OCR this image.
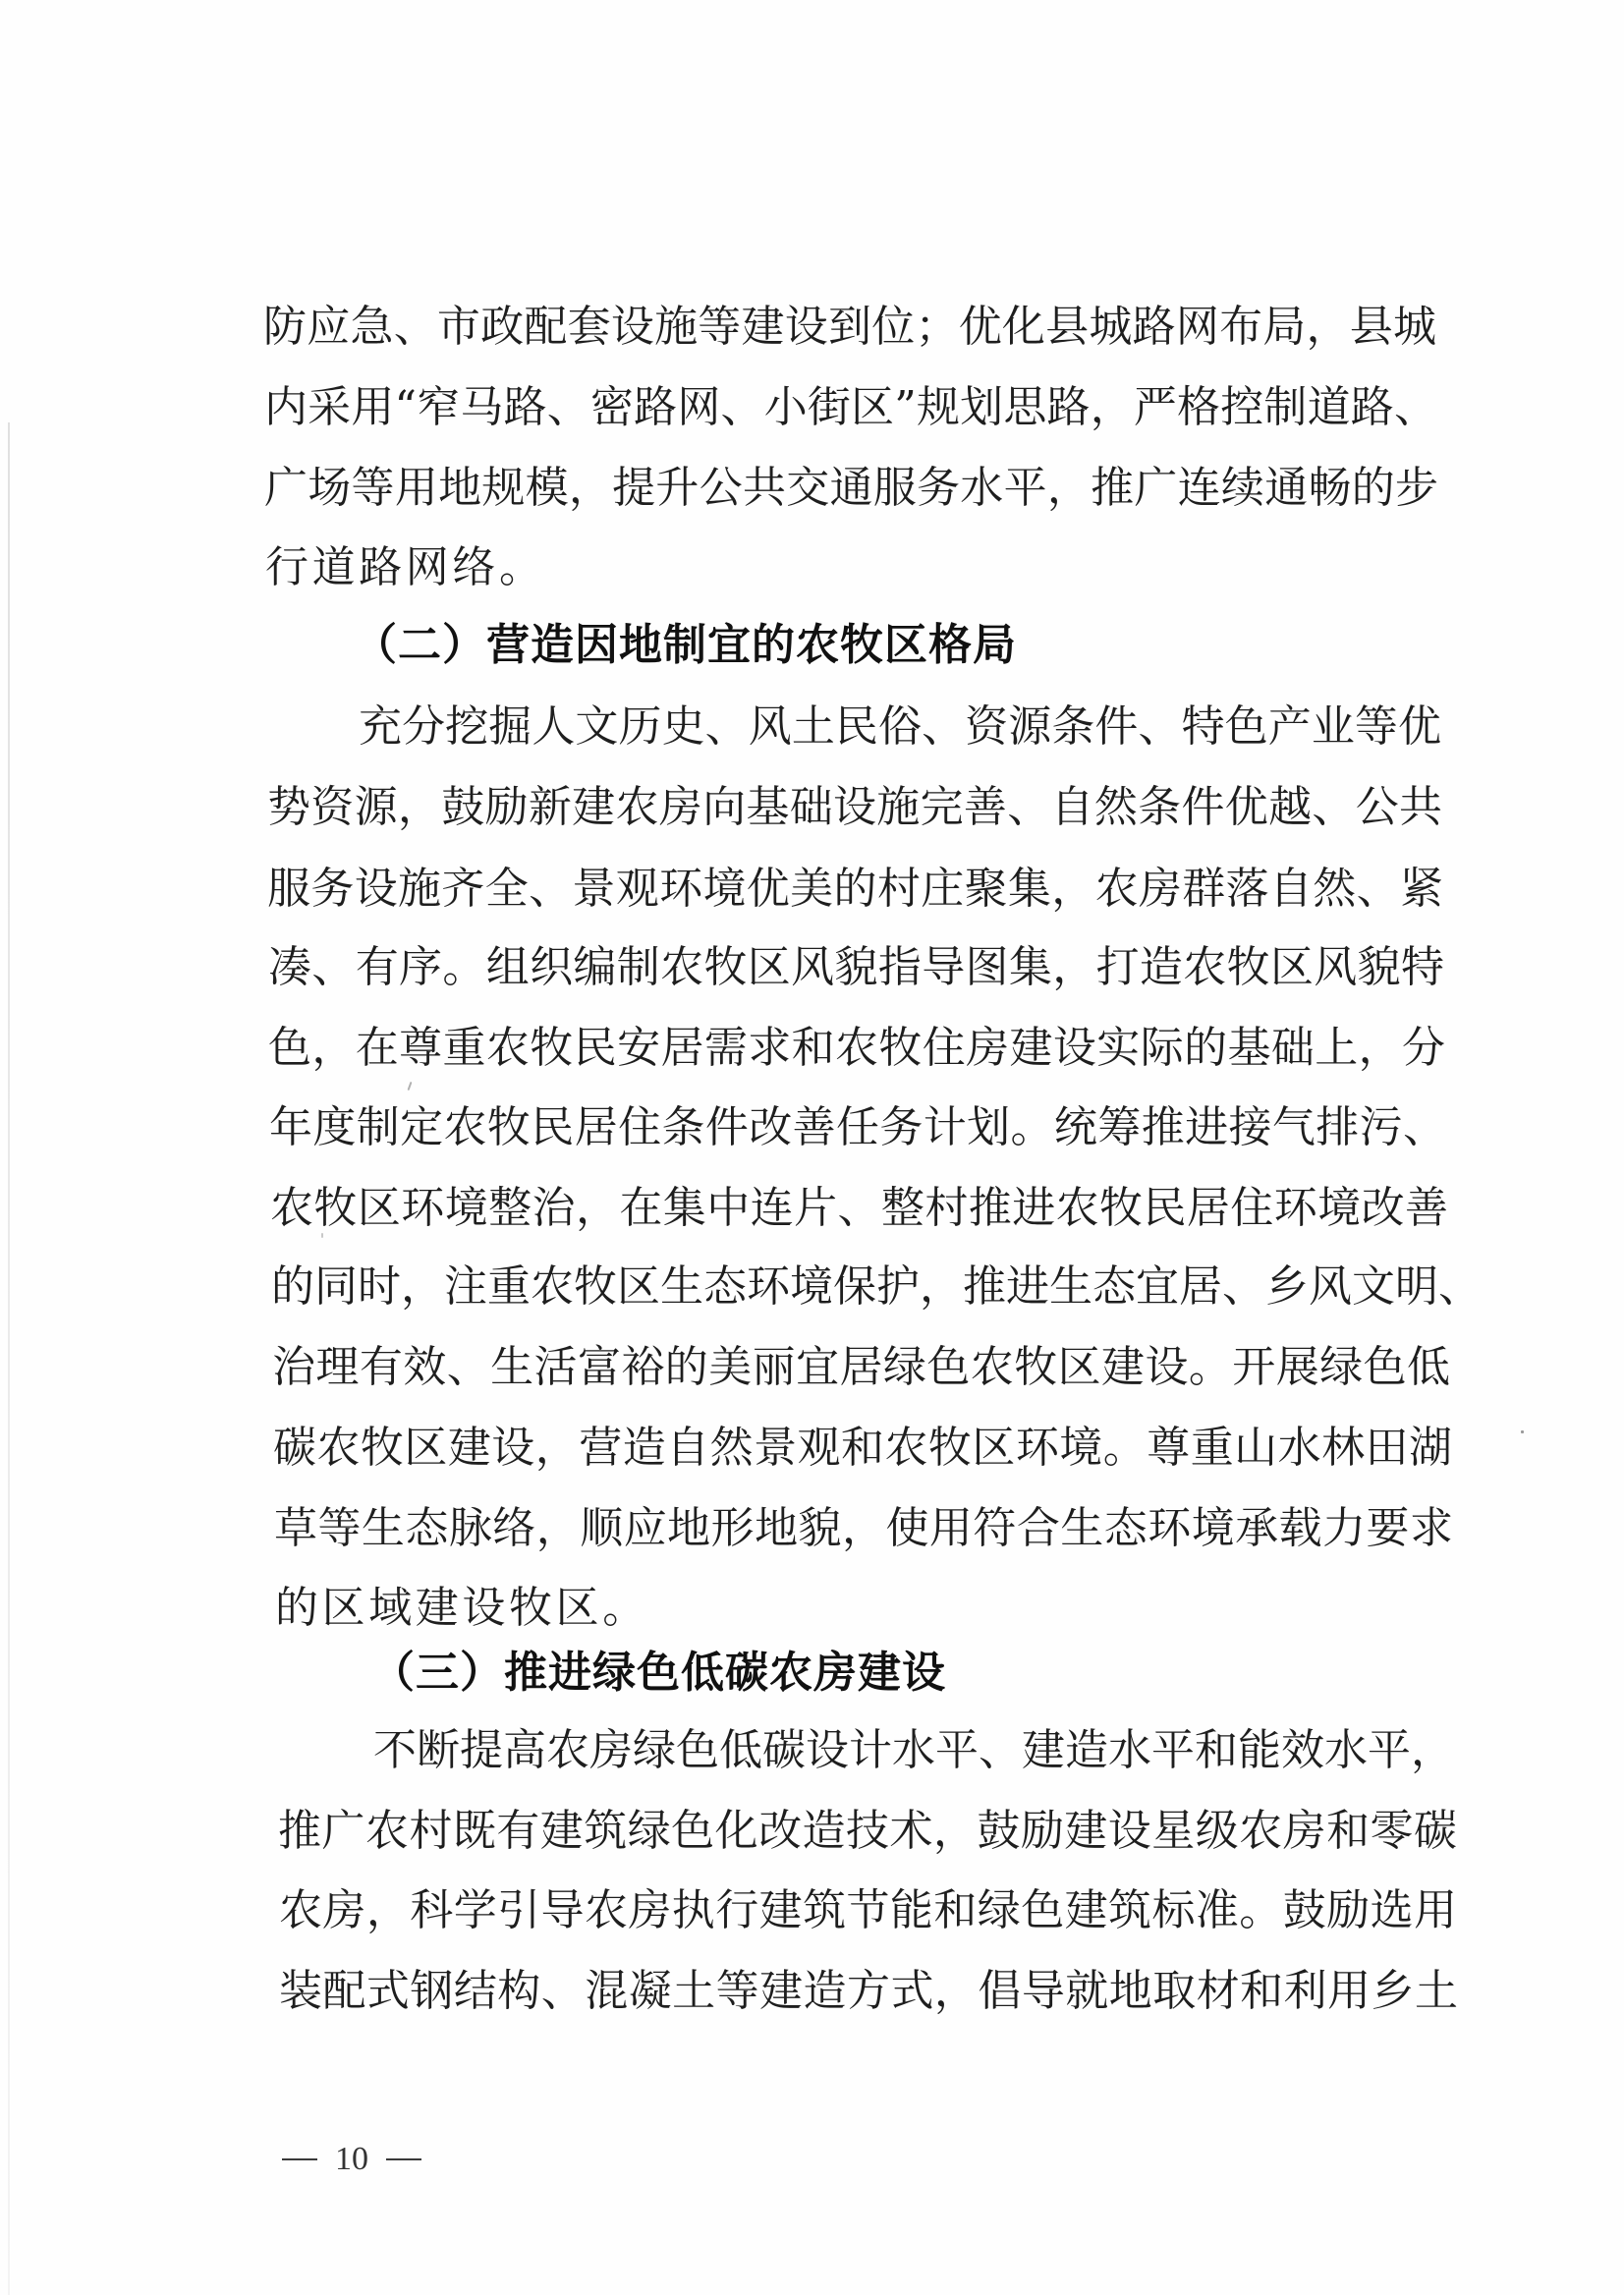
防应急、市政配套设施等建设到位；优化县城路网布局，县城
内采用“窄马路、密路网、小街区”规划思路，严格控制道路、
广场等用地规模，提升公共交通服务水平，推广连续通畅的步
行道路网络。
（二）营造因地制宜的农牧区格局
充分挖掘人文历史、风土民俗、资源条件、特色产业等优
势资源，鼓励新建农房向基础设施完善、自然条件优越、公共
服务设施齐全、景观环境优美的村庄聚集，农房群落自然、紧
凑、有序。组织编制农牧区风貌指导图集，打造农牧区风貌特
色，在尊重农牧民安居需求和农牧住房建设实际的基础上，分
年度制定农牧民居住条件改善任务计划。统筹推进接气排污、
农牧区环境整治，在集中连片、整村推进农牧民居住环境改善
的同时，注重农牧区生态环境保护，推进生态宜居、乡风文明、
治理有效、生活富裕的美丽宜居绿色农牧区建设。开展绿色低
碳农牧区建设，营造自然景观和农牧区环境。尊重山水林田湖
草等生态脉络，顺应地形地貌，使用符合生态环境承载力要求
的区域建设牧区。
（三）推进绿色低碳农房建设
不断提高农房绿色低碳设计水平、建造水平和能效水平，
推广农村既有建筑绿色化改造技术，鼓励建设星级农房和零碳
农房，科学引导农房执行建筑节能和绿色建筑标准。鼓励选用
装配式钢结构、混凝土等建造方式，倡导就地取材和利用乡土
10
